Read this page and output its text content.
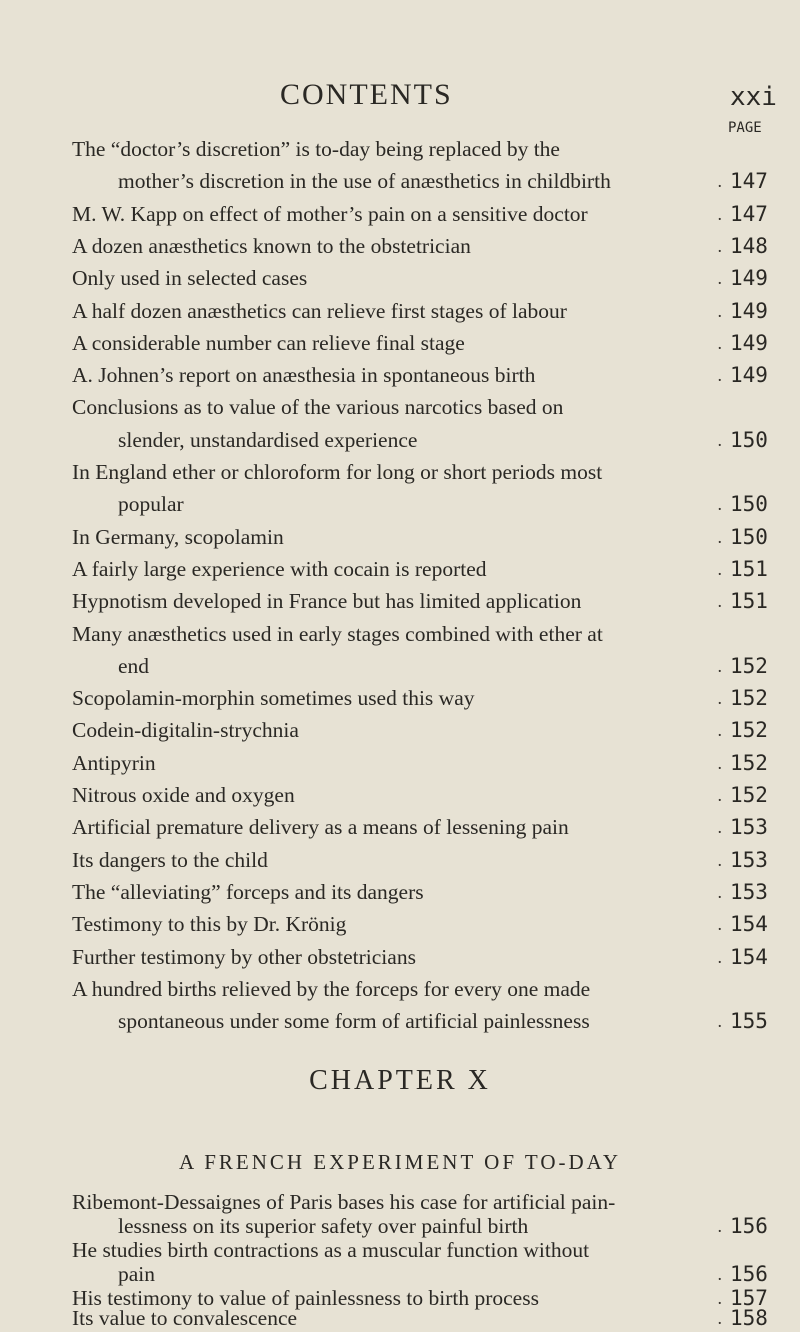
CONTENTS	xxi
PAGE
The “doctor’s discretion” is to-day being replaced by the
mother’s discretion in the use of anæsthetics in childbirth	. 147
M. W. Kapp on effect of mother’s pain on a sensitive doctor	. 147
A dozen anæsthetics known to the obstetrician	. 148
Only used in selected cases	. 149
A half dozen anæsthetics can relieve first stages of labour	. 149
A considerable number can relieve final stage	. 149
A. Johnen’s report on anæsthesia in spontaneous birth	. 149
Conclusions as to value of the various narcotics based on
slender, unstandardised experience	. 150
In England ether or chloroform for long or short periods most
popular	. 150
In Germany, scopolamin	. 150
A fairly large experience with cocain is reported	. 151
Hypnotism developed in France but has limited application	. 151
Many anæsthetics used in early stages combined with ether at
end	. 152
Scopolamin-morphin sometimes used this way	. 152
Codein-digitalin-strychnia	. 152
Antipyrin	. 152
Nitrous oxide and oxygen	. 152
Artificial premature delivery as a means of lessening pain	. 153
Its dangers to the child	. 153
The “alleviating” forceps and its dangers	. 153
Testimony to this by Dr. Krönig	. 154
Further testimony by other obstetricians	. 154
A hundred births relieved by the forceps for every one made
spontaneous under some form of artificial painlessness	. 155
CHAPTER X
A FRENCH EXPERIMENT OF TO-DAY
Ribemont-Dessaignes of Paris bases his case for artificial pain-
lessness on its superior safety over painful birth	. 156
He studies birth contractions as a muscular function without
pain	. 156
His testimony to value of painlessness to birth process	. 157
Its value to convalescence	. 158
